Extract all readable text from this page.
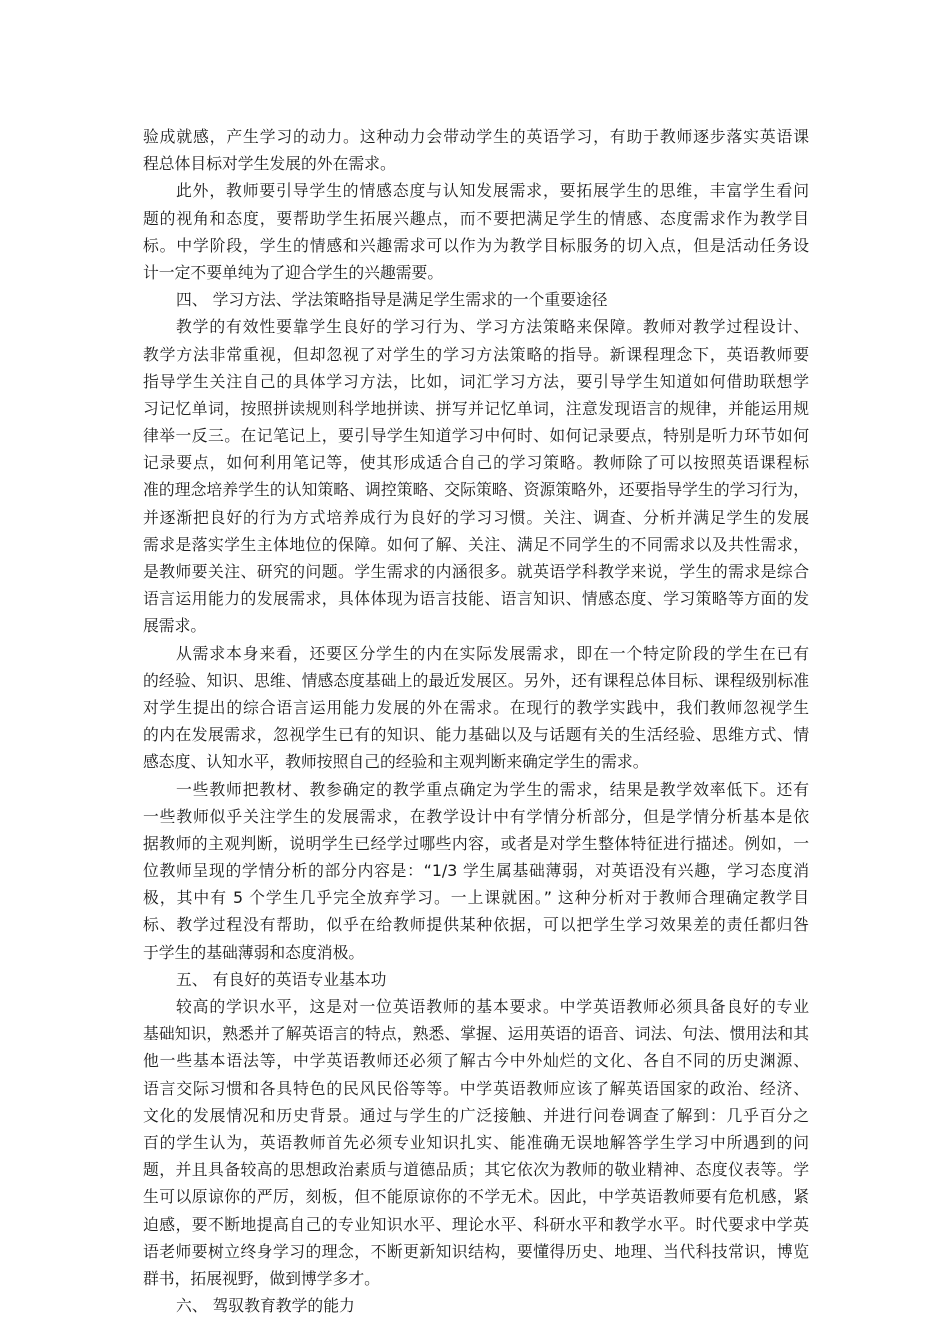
验成就感，产生学习的动力。这种动力会带动学生的英语学习，有助于教师逐步落实英语课
程总体目标对学生发展的外在需求。
此外，教师要引导学生的情感态度与认知发展需求，要拓展学生的思维，丰富学生看问
题的视角和态度，要帮助学生拓展兴趣点，而不要把满足学生的情感、态度需求作为教学目
标。中学阶段，学生的情感和兴趣需求可以作为为教学目标服务的切入点，但是活动任务设
计一定不要单纯为了迎合学生的兴趣需要。
四、 学习方法、学法策略指导是满足学生需求的一个重要途径
教学的有效性要靠学生良好的学习行为、学习方法策略来保障。教师对教学过程设计、
教学方法非常重视，但却忽视了对学生的学习方法策略的指导。新课程理念下，英语教师要
指导学生关注自己的具体学习方法，比如，词汇学习方法，要引导学生知道如何借助联想学
习记忆单词，按照拼读规则科学地拼读、拼写并记忆单词，注意发现语言的规律，并能运用规
律举一反三。在记笔记上，要引导学生知道学习中何时、如何记录要点，特别是听力环节如何
记录要点，如何利用笔记等，使其形成适合自己的学习策略。教师除了可以按照英语课程标
准的理念培养学生的认知策略、调控策略、交际策略、资源策略外，还要指导学生的学习行为，
并逐渐把良好的行为方式培养成行为良好的学习习惯。关注、调查、分析并满足学生的发展
需求是落实学生主体地位的保障。如何了解、关注、满足不同学生的不同需求以及共性需求，
是教师要关注、研究的问题。学生需求的内涵很多。就英语学科教学来说，学生的需求是综合
语言运用能力的发展需求，具体体现为语言技能、语言知识、情感态度、学习策略等方面的发
展需求。
从需求本身来看，还要区分学生的内在实际发展需求，即在一个特定阶段的学生在已有
的经验、知识、思维、情感态度基础上的最近发展区。另外，还有课程总体目标、课程级别标准
对学生提出的综合语言运用能力发展的外在需求。在现行的教学实践中，我们教师忽视学生
的内在发展需求，忽视学生已有的知识、能力基础以及与话题有关的生活经验、思维方式、情
感态度、认知水平，教师按照自己的经验和主观判断来确定学生的需求。
一些教师把教材、教参确定的教学重点确定为学生的需求，结果是教学效率低下。还有
一些教师似乎关注学生的发展需求，在教学设计中有学情分析部分，但是学情分析基本是依
据教师的主观判断，说明学生已经学过哪些内容，或者是对学生整体特征进行描述。例如，一
位教师呈现的学情分析的部分内容是：“1/3 学生属基础薄弱，对英语没有兴趣，学习态度消
极，其中有 5 个学生几乎完全放弃学习。一上课就困。” 这种分析对于教师合理确定教学目
标、教学过程没有帮助，似乎在给教师提供某种依据，可以把学生学习效果差的责任都归咎
于学生的基础薄弱和态度消极。
五、 有良好的英语专业基本功
较高的学识水平，这是对一位英语教师的基本要求。中学英语教师必须具备良好的专业
基础知识，熟悉并了解英语言的特点，熟悉、掌握、运用英语的语音、词法、句法、惯用法和其
他一些基本语法等，中学英语教师还必须了解古今中外灿烂的文化、各自不同的历史渊源、
语言交际习惯和各具特色的民风民俗等等。中学英语教师应该了解英语国家的政治、经济、
文化的发展情况和历史背景。通过与学生的广泛接触、并进行问卷调查了解到：几乎百分之
百的学生认为，英语教师首先必须专业知识扎实、能准确无误地解答学生学习中所遇到的问
题，并且具备较高的思想政治素质与道德品质；其它依次为教师的敬业精神、态度仪表等。学
生可以原谅你的严厉，刻板，但不能原谅你的不学无术。因此，中学英语教师要有危机感，紧
迫感，要不断地提高自己的专业知识水平、理论水平、科研水平和教学水平。时代要求中学英
语老师要树立终身学习的理念，不断更新知识结构，要懂得历史、地理、当代科技常识，博览
群书，拓展视野，做到博学多才。
六、 驾驭教育教学的能力
